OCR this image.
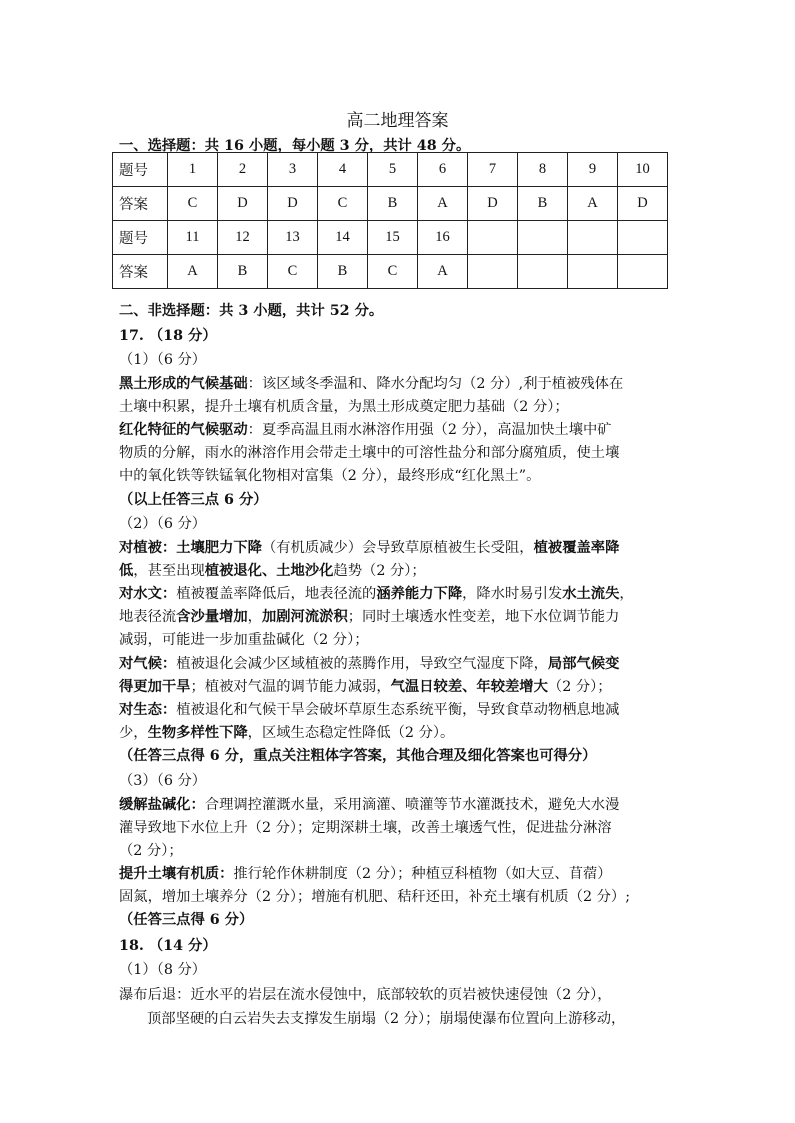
高二地理答案
一、选择题：共 16 小题，每小题 3 分，共计 48 分。
题号	1	2	3	4	5	6	7	8	9	10
答案	C	D	D	C	B	A	D	B	A	D
题号	11	12	13	14	15	16				
答案	A	B	C	B	C	A				
二、非选择题：共 3 小题，共计 52 分。
17. （18 分）
（1）（6 分）
黑土形成的气候基础：该区域冬季温和、降水分配均匀（2 分）,利于植被残体在
土壤中积累，提升土壤有机质含量，为黑土形成奠定肥力基础（2 分）；
红化特征的气候驱动：夏季高温且雨水淋溶作用强（2 分），高温加快土壤中矿
物质的分解，雨水的淋溶作用会带走土壤中的可溶性盐分和部分腐殖质，使土壤
中的氧化铁等铁锰氧化物相对富集（2 分），最终形成“红化黑土”。
（以上任答三点 6 分）
（2）（6 分）
对植被：土壤肥力下降（有机质减少）会导致草原植被生长受阻，植被覆盖率降
低，甚至出现植被退化、土地沙化趋势（2 分）；
对水文：植被覆盖率降低后，地表径流的涵养能力下降，降水时易引发水土流失，
地表径流含沙量增加，加剧河流淤积；同时土壤透水性变差，地下水位调节能力
减弱，可能进一步加重盐碱化（2 分）；
对气候：植被退化会减少区域植被的蒸腾作用，导致空气湿度下降，局部气候变
得更加干旱；植被对气温的调节能力减弱，气温日较差、年较差增大（2 分）；
对生态：植被退化和气候干旱会破坏草原生态系统平衡，导致食草动物栖息地减
少，生物多样性下降，区域生态稳定性降低（2 分）。
（任答三点得 6 分，重点关注粗体字答案，其他合理及细化答案也可得分）
（3）（6 分）
缓解盐碱化：合理调控灌溉水量，采用滴灌、喷灌等节水灌溉技术，避免大水漫
灌导致地下水位上升（2 分）；定期深耕土壤，改善土壤透气性，促进盐分淋溶
（2 分）；
提升土壤有机质：推行轮作休耕制度（2 分）；种植豆科植物（如大豆、苜蓿）
固氮，增加土壤养分（2 分）；增施有机肥、秸秆还田，补充土壤有机质（2 分）;
（任答三点得 6 分）
18. （14 分）
（1）（8 分）
瀑布后退：近水平的岩层在流水侵蚀中，底部较软的页岩被快速侵蚀（2 分），
顶部坚硬的白云岩失去支撑发生崩塌（2 分）；崩塌使瀑布位置向上游移动，
